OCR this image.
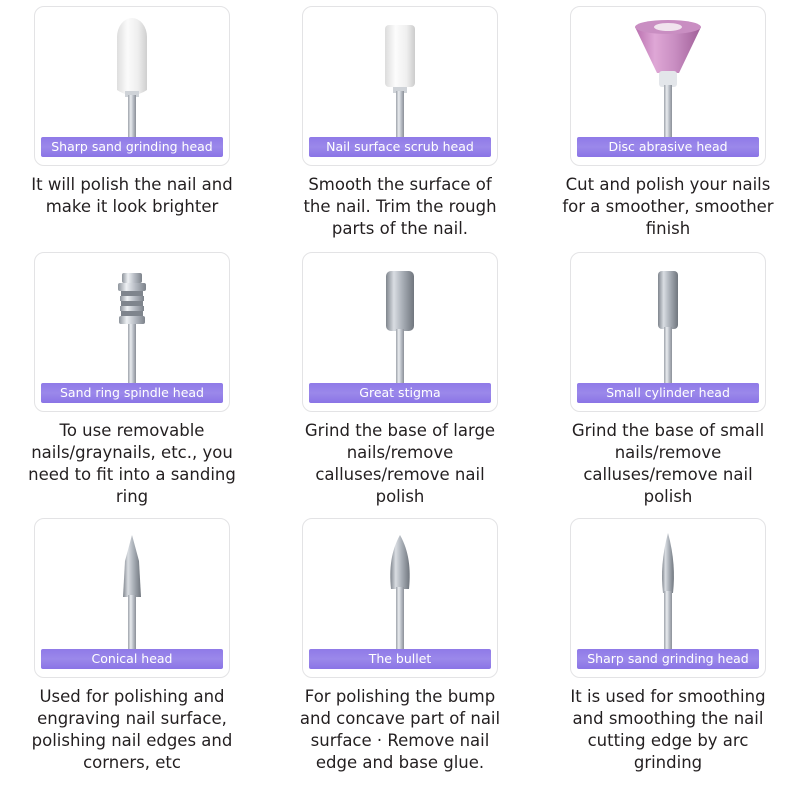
Sharp sand grinding head
It will polish the nail and make it look brighter
Nail surface scrub head
Smooth the surface of the nail. Trim the rough parts of the nail.
Disc abrasive head
Cut and polish your nails for a smoother, smoother finish
Sand ring spindle head
To use removable nails/graynails, etc., you need to fit into a sanding ring
Great stigma
Grind the base of large nails/remove calluses/remove nail polish
Small cylinder head
Grind the base of small nails/remove calluses/remove nail polish
Conical head
Used for polishing and engraving nail surface, polishing nail edges and corners, etc
The bullet
For polishing the bump and concave part of nail surface · Remove nail edge and base glue.
Sharp sand grinding head
It is used for smoothing and smoothing the nail cutting edge by arc grinding
